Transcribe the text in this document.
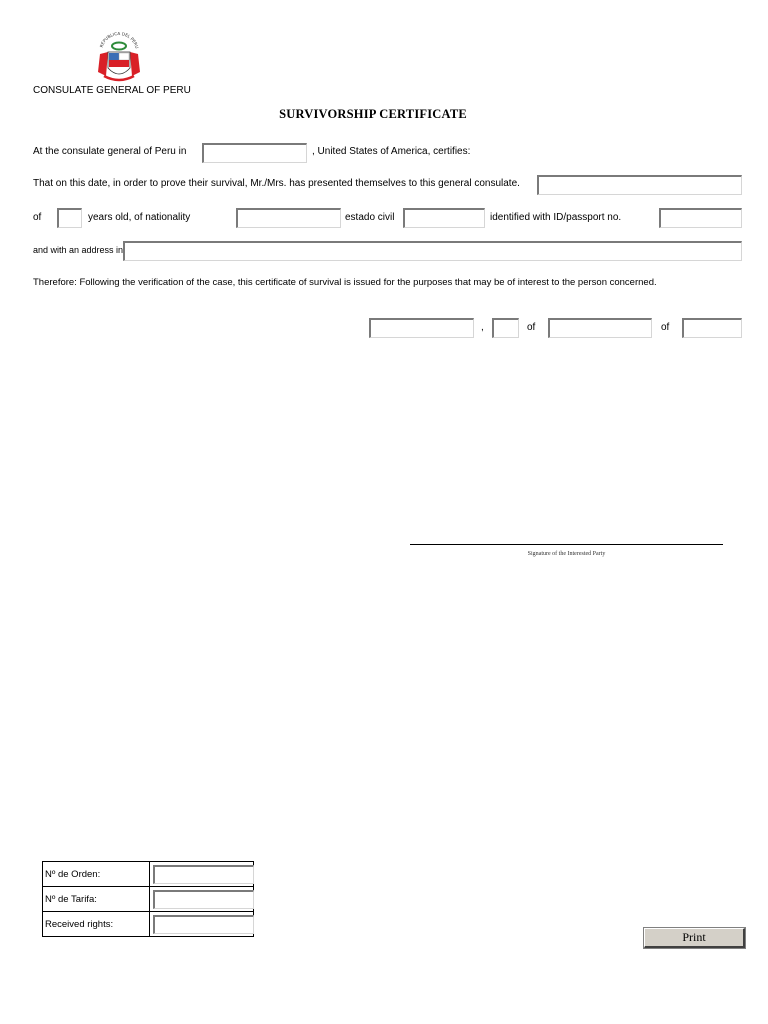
REPUBLICA DEL PERU
CONSULATE GENERAL OF PERU
SURVIVORSHIP CERTIFICATE
At the consulate general of Peru in	, United States of America, certifies:
That on this date, in order to prove their survival, Mr./Mrs. has presented themselves to this general consulate.
of	years old, of nationality	estado civil	identified with ID/passport no.
and with an address in
Therefore: Following the verification of the case, this certificate of survival is issued for the purposes that may be of interest to the person concerned.
,	of	of
Signature of the Interested Party
Nº de Orden:	

Nº de Tarifa:	

Received rights:	
Print
